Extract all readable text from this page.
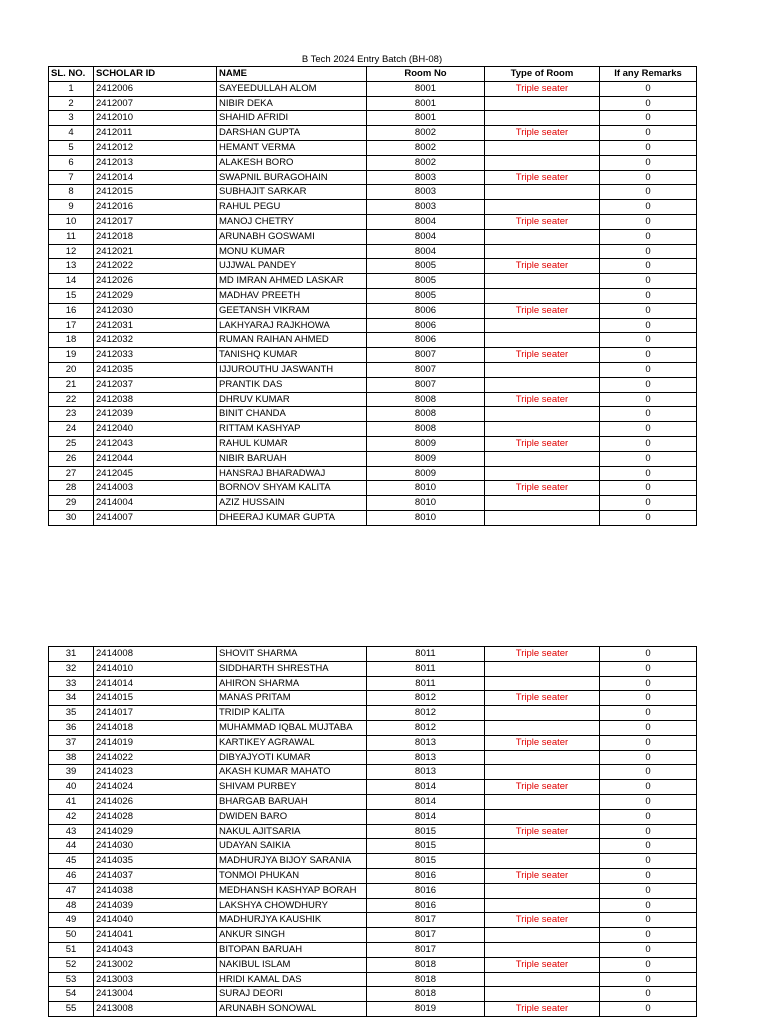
B Tech 2024 Entry Batch (BH-08)
SL. NO.	SCHOLAR ID	NAME	Room No	Type of Room	If any Remarks
1	2412006	SAYEEDULLAH ALOM	8001	Triple seater	0
2	2412007	NIBIR DEKA	8001		0
3	2412010	SHAHID AFRIDI	8001		0
4	2412011	DARSHAN GUPTA	8002	Triple seater	0
5	2412012	HEMANT VERMA	8002		0
6	2412013	ALAKESH BORO	8002		0
7	2412014	SWAPNIL BURAGOHAIN	8003	Triple seater	0
8	2412015	SUBHAJIT SARKAR	8003		0
9	2412016	RAHUL PEGU	8003		0
10	2412017	MANOJ CHETRY	8004	Triple seater	0
11	2412018	ARUNABH GOSWAMI	8004		0
12	2412021	MONU KUMAR	8004		0
13	2412022	UJJWAL PANDEY	8005	Triple seater	0
14	2412026	MD IMRAN AHMED LASKAR	8005		0
15	2412029	MADHAV PREETH	8005		0
16	2412030	GEETANSH VIKRAM	8006	Triple seater	0
17	2412031	LAKHYARAJ RAJKHOWA	8006		0
18	2412032	RUMAN RAIHAN AHMED	8006		0
19	2412033	TANISHQ KUMAR	8007	Triple seater	0
20	2412035	IJJUROUTHU JASWANTH	8007		0
21	2412037	PRANTIK DAS	8007		0
22	2412038	DHRUV KUMAR	8008	Triple seater	0
23	2412039	BINIT CHANDA	8008		0
24	2412040	RITTAM KASHYAP	8008		0
25	2412043	RAHUL KUMAR	8009	Triple seater	0
26	2412044	NIBIR BARUAH	8009		0
27	2412045	HANSRAJ BHARADWAJ	8009		0
28	2414003	BORNOV SHYAM KALITA	8010	Triple seater	0
29	2414004	AZIZ HUSSAIN	8010		0
30	2414007	DHEERAJ KUMAR GUPTA	8010		0
31	2414008	SHOVIT SHARMA	8011	Triple seater	0
32	2414010	SIDDHARTH SHRESTHA	8011		0
33	2414014	AHIRON SHARMA	8011		0
34	2414015	MANAS PRITAM	8012	Triple seater	0
35	2414017	TRIDIP KALITA	8012		0
36	2414018	MUHAMMAD IQBAL MUJTABA	8012		0
37	2414019	KARTIKEY AGRAWAL	8013	Triple seater	0
38	2414022	DIBYAJYOTI KUMAR	8013		0
39	2414023	AKASH KUMAR MAHATO	8013		0
40	2414024	SHIVAM PURBEY	8014	Triple seater	0
41	2414026	BHARGAB BARUAH	8014		0
42	2414028	DWIDEN BARO	8014		0
43	2414029	NAKUL AJITSARIA	8015	Triple seater	0
44	2414030	UDAYAN SAIKIA	8015		0
45	2414035	MADHURJYA BIJOY SARANIA	8015		0
46	2414037	TONMOI PHUKAN	8016	Triple seater	0
47	2414038	MEDHANSH KASHYAP BORAH	8016		0
48	2414039	LAKSHYA CHOWDHURY	8016		0
49	2414040	MADHURJYA KAUSHIK	8017	Triple seater	0
50	2414041	ANKUR SINGH	8017		0
51	2414043	BITOPAN BARUAH	8017		0
52	2413002	NAKIBUL ISLAM	8018	Triple seater	0
53	2413003	HRIDI KAMAL DAS	8018		0
54	2413004	SURAJ DEORI	8018		0
55	2413008	ARUNABH SONOWAL	8019	Triple seater	0
